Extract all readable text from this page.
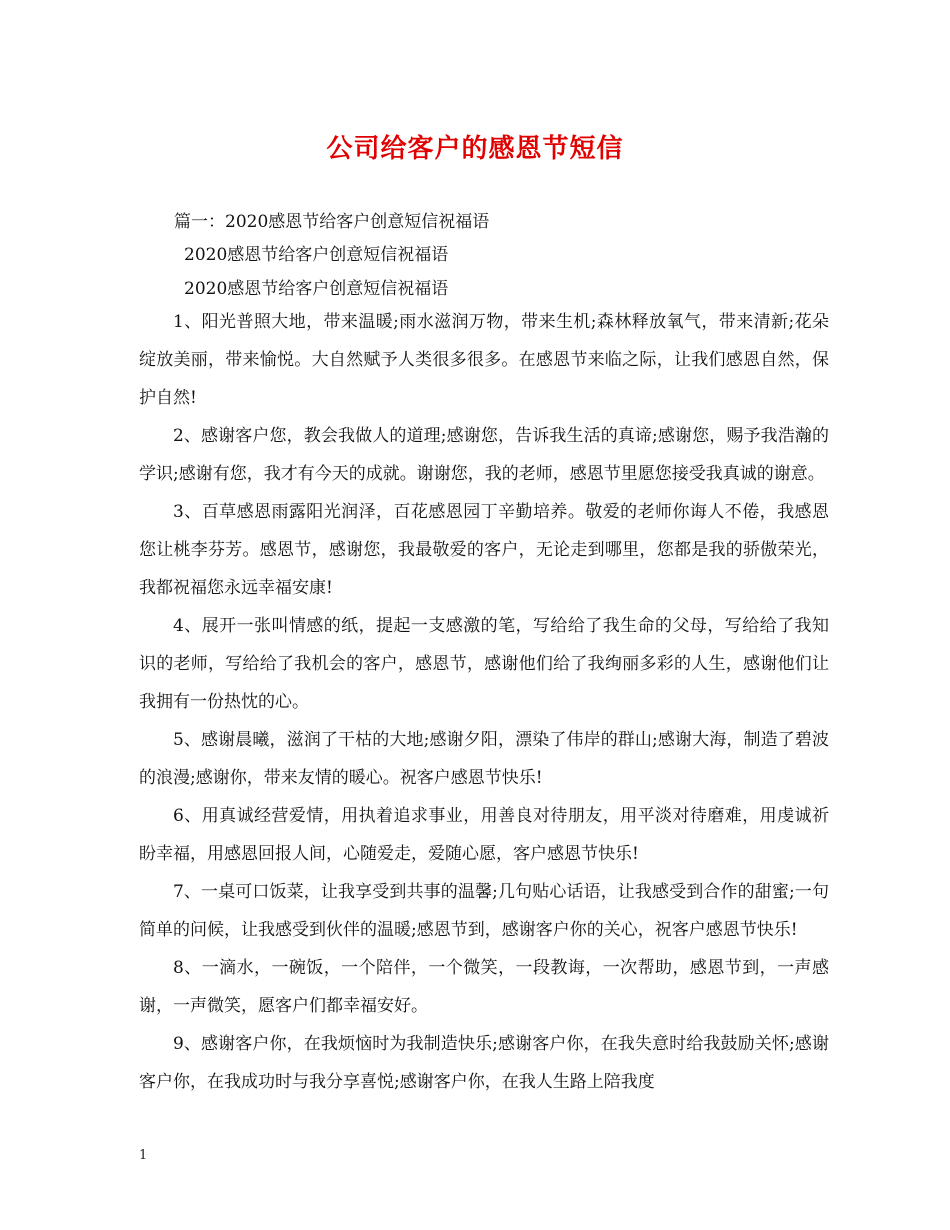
公司给客户的感恩节短信
篇一：2020感恩节给客户创意短信祝福语
2020感恩节给客户创意短信祝福语
2020感恩节给客户创意短信祝福语

1、阳光普照大地，带来温暖;雨水滋润万物，带来生机;森林释放氧气，带来清新;花朵绽放美丽，带来愉悦。大自然赋予人类很多很多。在感恩节来临之际，让我们感恩自然，保护自然!

2、感谢客户您，教会我做人的道理;感谢您，告诉我生活的真谛;感谢您，赐予我浩瀚的学识;感谢有您，我才有今天的成就。谢谢您，我的老师，感恩节里愿您接受我真诚的谢意。

3、百草感恩雨露阳光润泽，百花感恩园丁辛勤培养。敬爱的老师你诲人不倦，我感恩您让桃李芬芳。感恩节，感谢您，我最敬爱的客户，无论走到哪里，您都是我的骄傲荣光，我都祝福您永远幸福安康!

4、展开一张叫情感的纸，提起一支感激的笔，写给给了我生命的父母，写给给了我知识的老师，写给给了我机会的客户，感恩节，感谢他们给了我绚丽多彩的人生，感谢他们让我拥有一份热忱的心。

5、感谢晨曦，滋润了干枯的大地;感谢夕阳，漂染了伟岸的群山;感谢大海，制造了碧波的浪漫;感谢你，带来友情的暖心。祝客户感恩节快乐!

6、用真诚经营爱情，用执着追求事业，用善良对待朋友，用平淡对待磨难，用虔诚祈盼幸福，用感恩回报人间，心随爱走，爱随心愿，客户感恩节快乐!

7、一桌可口饭菜，让我享受到共事的温馨;几句贴心话语，让我感受到合作的甜蜜;一句简单的问候，让我感受到伙伴的温暖;感恩节到，感谢客户你的关心，祝客户感恩节快乐!

8、一滴水，一碗饭，一个陪伴，一个微笑，一段教诲，一次帮助，感恩节到，一声感谢，一声微笑，愿客户们都幸福安好。

9、感谢客户你，在我烦恼时为我制造快乐;感谢客户你，在我失意时给我鼓励关怀;感谢客户你，在我成功时与我分享喜悦;感谢客户你，在我人生路上陪我度

1
